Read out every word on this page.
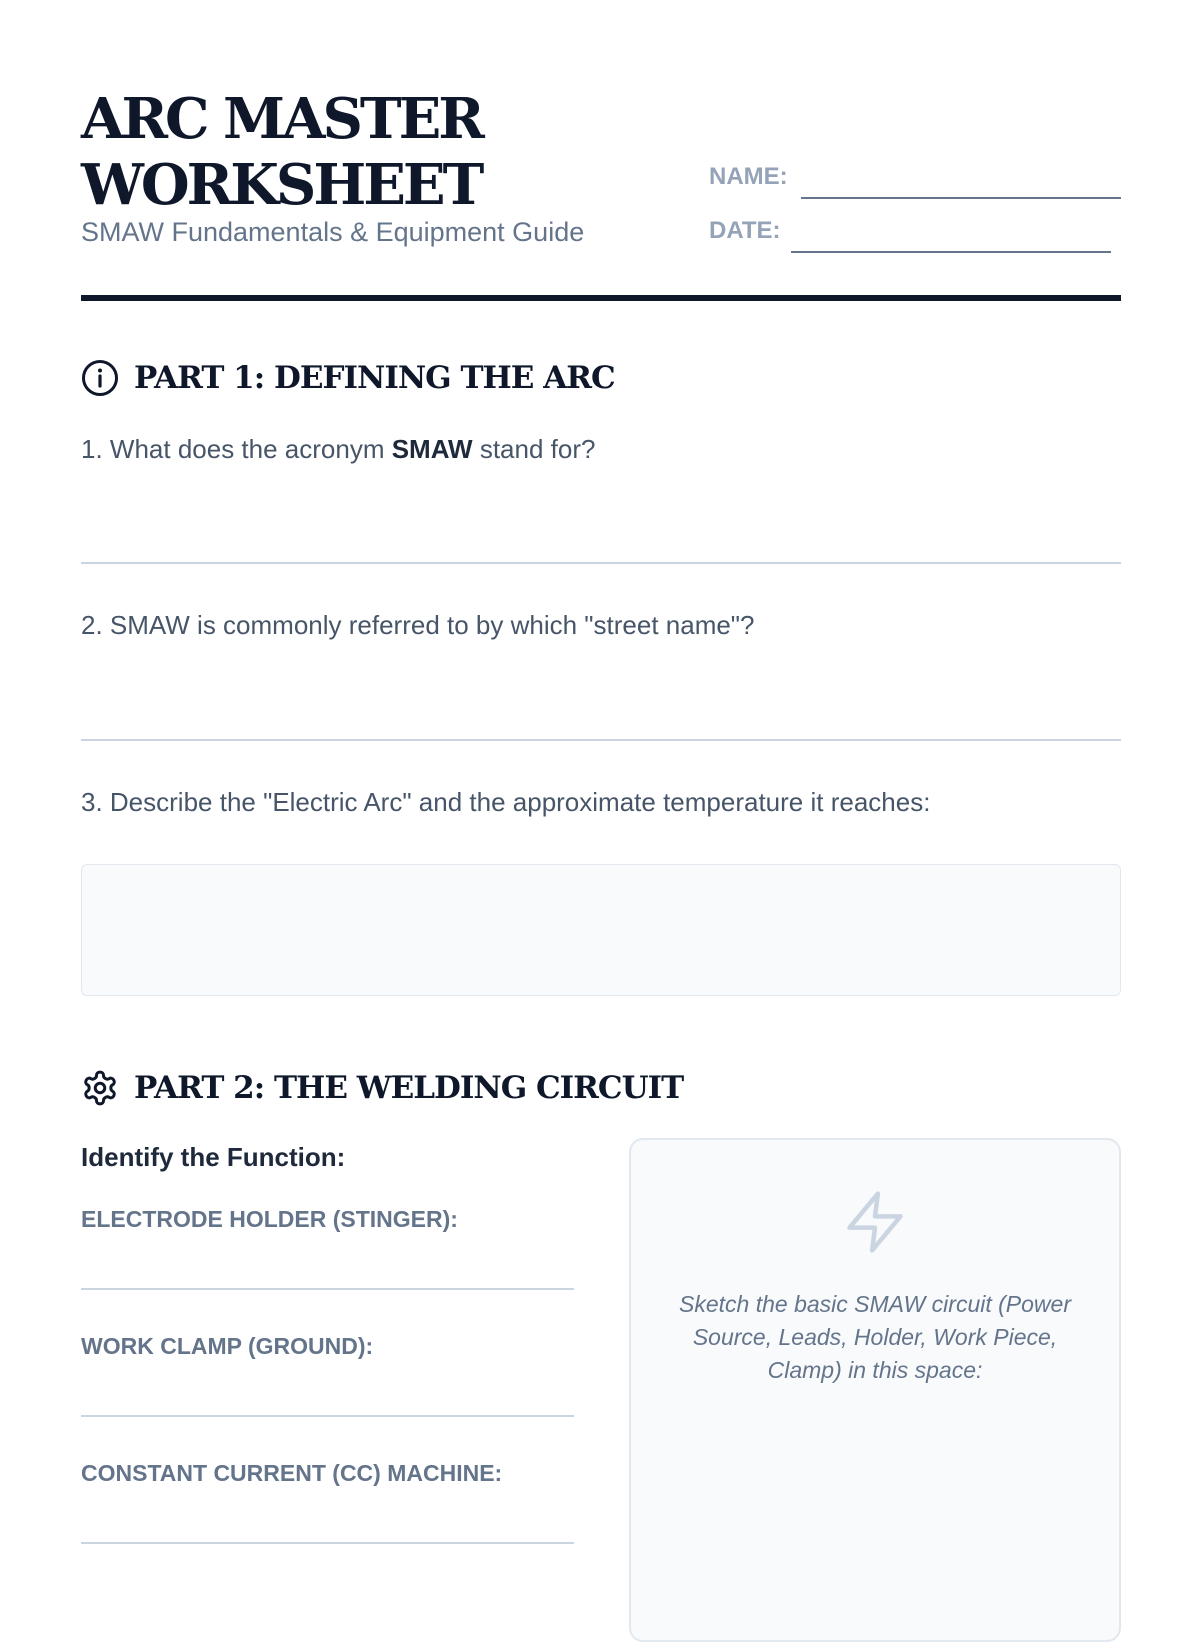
ARC MASTER
WORKSHEET
SMAW Fundamentals & Equipment Guide
NAME:
DATE:
PART 1: DEFINING THE ARC
1. What does the acronym SMAW stand for?
2. SMAW is commonly referred to by which "street name"?
3. Describe the "Electric Arc" and the approximate temperature it reaches:
PART 2: THE WELDING CIRCUIT
Identify the Function:
ELECTRODE HOLDER (STINGER):
WORK CLAMP (GROUND):
CONSTANT CURRENT (CC) MACHINE:
Sketch the basic SMAW circuit (Power Source, Leads, Holder, Work Piece, Clamp) in this space:
